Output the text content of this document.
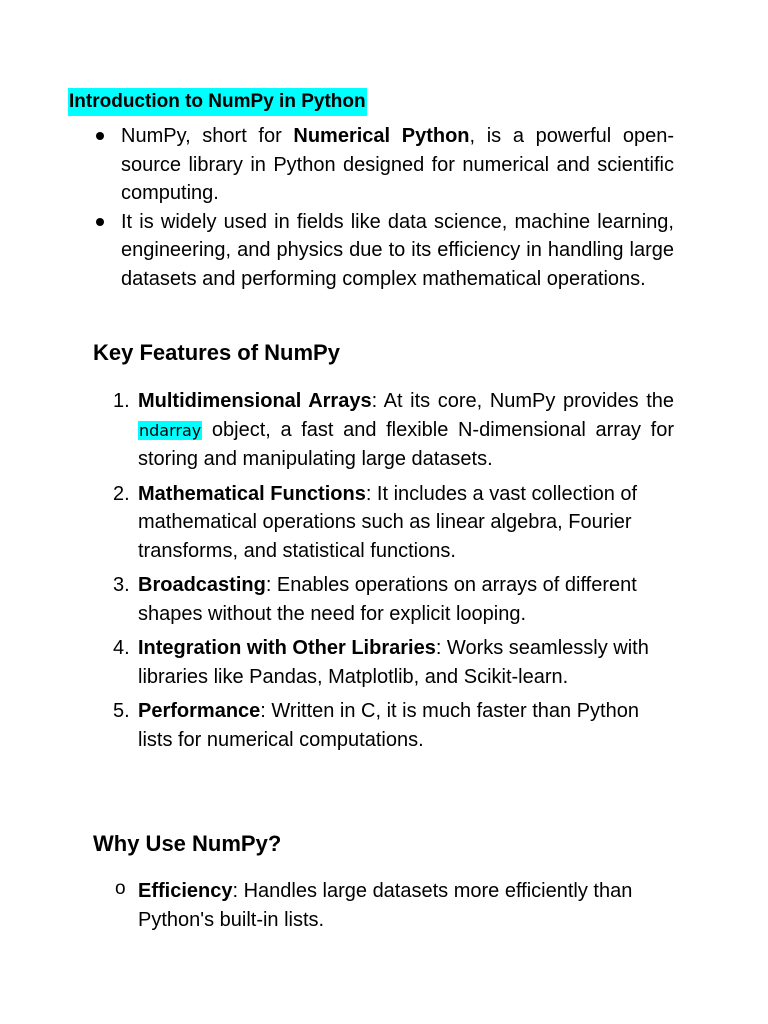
Introduction to NumPy in Python
NumPy, short for Numerical Python, is a powerful open-source library in Python designed for numerical and scientific computing.
It is widely used in fields like data science, machine learning, engineering, and physics due to its efficiency in handling large datasets and performing complex mathematical operations.
Key Features of NumPy
1. Multidimensional Arrays: At its core, NumPy provides the ndarray object, a fast and flexible N-dimensional array for storing and manipulating large datasets.
2. Mathematical Functions: It includes a vast collection of mathematical operations such as linear algebra, Fourier transforms, and statistical functions.
3. Broadcasting: Enables operations on arrays of different shapes without the need for explicit looping.
4. Integration with Other Libraries: Works seamlessly with libraries like Pandas, Matplotlib, and Scikit-learn.
5. Performance: Written in C, it is much faster than Python lists for numerical computations.
Why Use NumPy?
o Efficiency: Handles large datasets more efficiently than Python's built-in lists.
